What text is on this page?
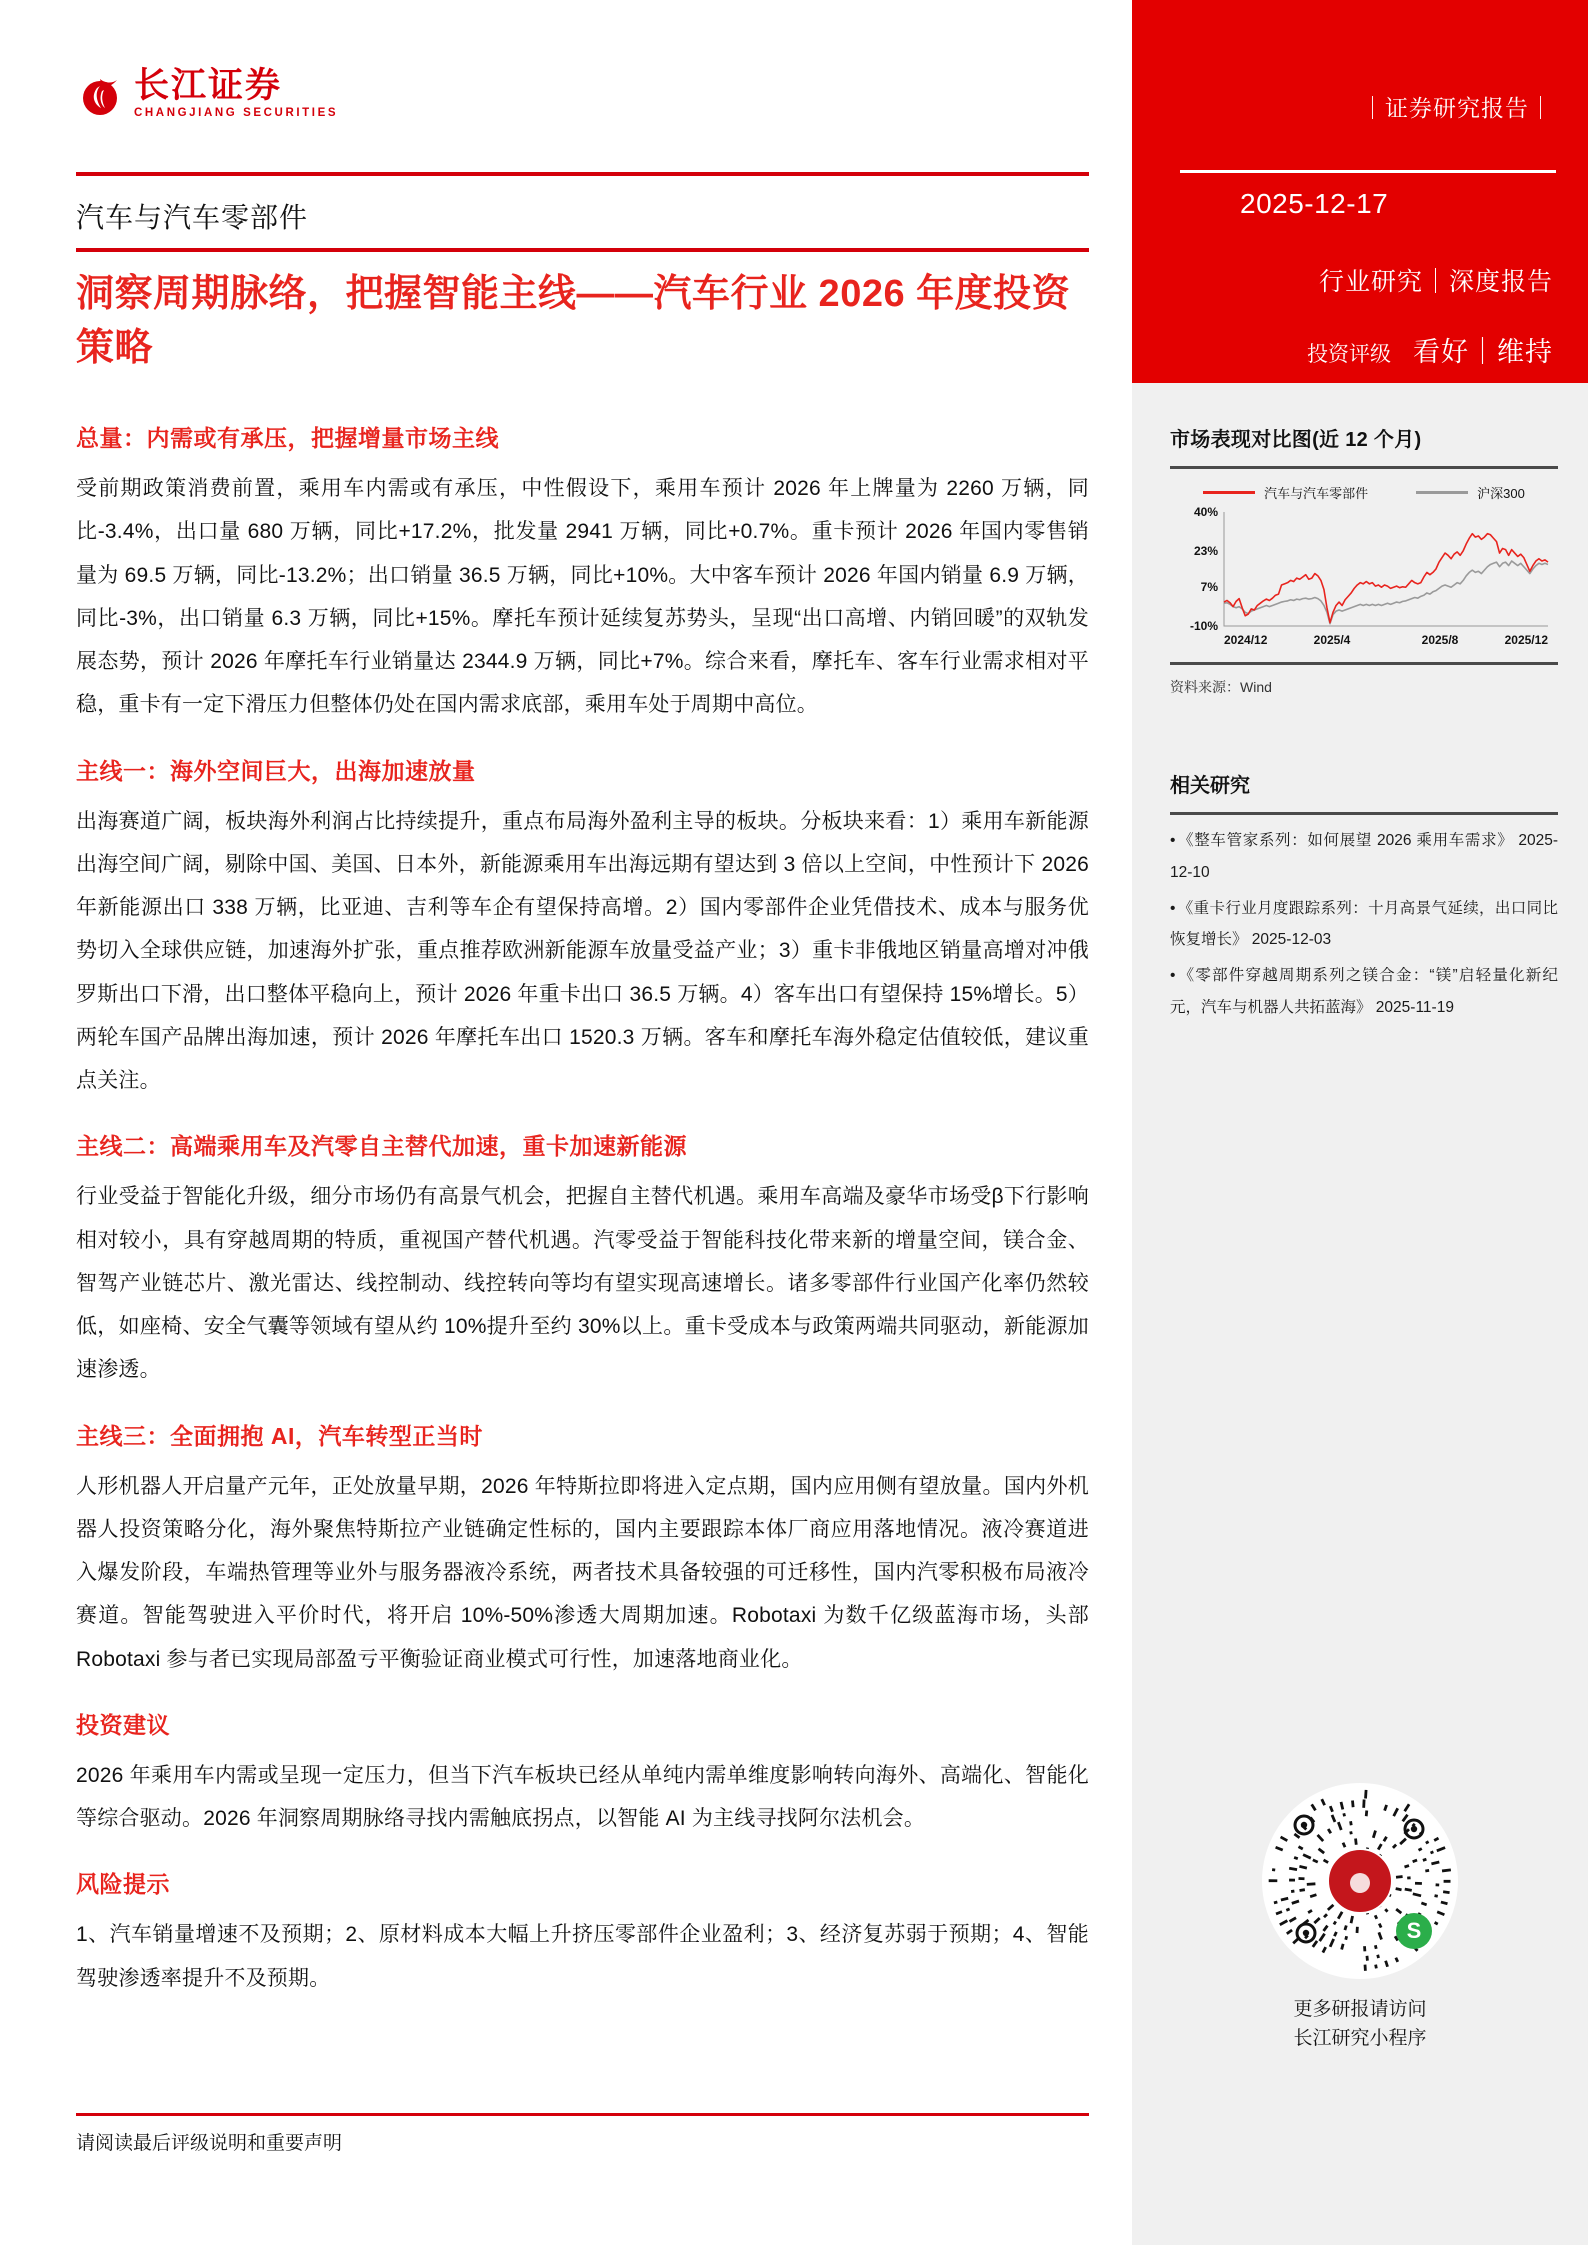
｜证券研究报告｜
2025-12-17
行业研究｜深度报告
投资评级 看好｜维持
市场表现对比图(近 12 个月)
汽车与汽车零部件	沪深300
-10%
7%
23%
40%
2024/12	2025/4	2025/8	2025/12
资料来源：Wind
相关研究
• 《整车管家系列：如何展望 2026 乘用车需求》 2025-12-10
• 《重卡行业月度跟踪系列：十月高景气延续，出口同比恢复增长》 2025-12-03
• 《零部件穿越周期系列之镁合金：“镁”启轻量化新纪元，汽车与机器人共拓蓝海》 2025-11-19
S
更多研报请访问
长江研究小程序
长江证券
CHANGJIANG SECURITIES
汽车与汽车零部件
洞察周期脉络，把握智能主线——汽车行业 2026 年度投资策略
总量：内需或有承压，把握增量市场主线

受前期政策消费前置，乘用车内需或有承压，中性假设下，乘用车预计 2026 年上牌量为 2260 万辆，同比-3.4%，出口量 680 万辆，同比+17.2%，批发量 2941 万辆，同比+0.7%。重卡预计 2026 年国内零售销量为 69.5 万辆，同比-13.2%；出口销量 36.5 万辆，同比+10%。大中客车预计 2026 年国内销量 6.9 万辆，同比-3%，出口销量 6.3 万辆，同比+15%。摩托车预计延续复苏势头，呈现“出口高增、内销回暖”的双轨发展态势，预计 2026 年摩托车行业销量达 2344.9 万辆，同比+7%。综合来看，摩托车、客车行业需求相对平稳，重卡有一定下滑压力但整体仍处在国内需求底部，乘用车处于周期中高位。

主线一：海外空间巨大，出海加速放量

出海赛道广阔，板块海外利润占比持续提升，重点布局海外盈利主导的板块。分板块来看：1）乘用车新能源出海空间广阔，剔除中国、美国、日本外，新能源乘用车出海远期有望达到 3 倍以上空间，中性预计下 2026 年新能源出口 338 万辆，比亚迪、吉利等车企有望保持高增。2）国内零部件企业凭借技术、成本与服务优势切入全球供应链，加速海外扩张，重点推荐欧洲新能源车放量受益产业；3）重卡非俄地区销量高增对冲俄罗斯出口下滑，出口整体平稳向上，预计 2026 年重卡出口 36.5 万辆。4）客车出口有望保持 15%增长。5）两轮车国产品牌出海加速，预计 2026 年摩托车出口 1520.3 万辆。客车和摩托车海外稳定估值较低，建议重点关注。

主线二：高端乘用车及汽零自主替代加速，重卡加速新能源

行业受益于智能化升级，细分市场仍有高景气机会，把握自主替代机遇。乘用车高端及豪华市场受β下行影响相对较小，具有穿越周期的特质，重视国产替代机遇。汽零受益于智能科技化带来新的增量空间，镁合金、智驾产业链芯片、激光雷达、线控制动、线控转向等均有望实现高速增长。诸多零部件行业国产化率仍然较低，如座椅、安全气囊等领域有望从约 10%提升至约 30%以上。重卡受成本与政策两端共同驱动，新能源加速渗透。

主线三：全面拥抱 AI，汽车转型正当时

人形机器人开启量产元年，正处放量早期，2026 年特斯拉即将进入定点期，国内应用侧有望放量。国内外机器人投资策略分化，海外聚焦特斯拉产业链确定性标的，国内主要跟踪本体厂商应用落地情况。液冷赛道进入爆发阶段，车端热管理等业外与服务器液冷系统，两者技术具备较强的可迁移性，国内汽零积极布局液冷赛道。智能驾驶进入平价时代，将开启 10%-50%渗透大周期加速。Robotaxi 为数千亿级蓝海市场，头部 Robotaxi 参与者已实现局部盈亏平衡验证商业模式可行性，加速落地商业化。

投资建议

2026 年乘用车内需或呈现一定压力，但当下汽车板块已经从单纯内需单维度影响转向海外、高端化、智能化等综合驱动。2026 年洞察周期脉络寻找内需触底拐点，以智能 AI 为主线寻找阿尔法机会。

风险提示

1、汽车销量增速不及预期；2、原材料成本大幅上升挤压零部件企业盈利；3、经济复苏弱于预期；4、智能驾驶渗透率提升不及预期。

请阅读最后评级说明和重要声明
